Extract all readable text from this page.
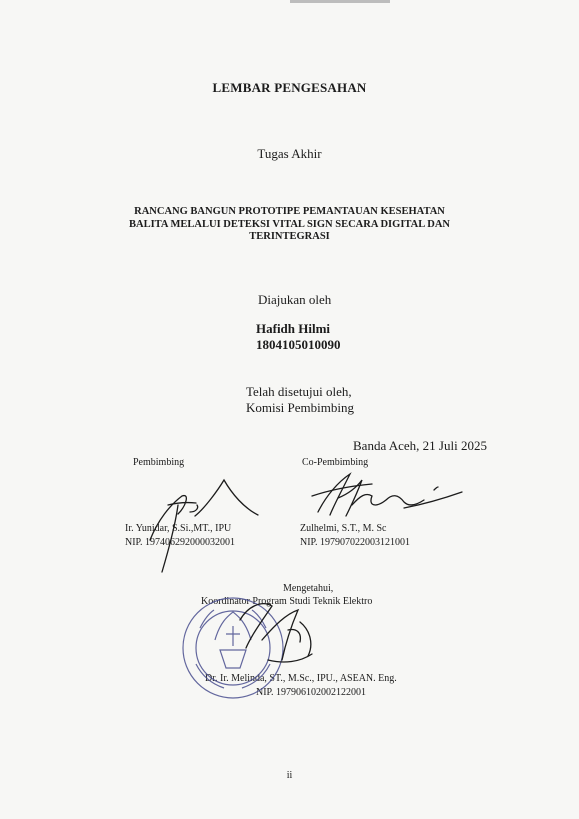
LEMBAR PENGESAHAN
Tugas Akhir
RANCANG BANGUN PROTOTIPE PEMANTAUAN KESEHATAN
BALITA MELALUI DETEKSI VITAL SIGN SECARA DIGITAL DAN
TERINTEGRASI
Diajukan oleh
Hafidh Hilmi
1804105010090
Telah disetujui oleh,
Komisi Pembimbing
Banda Aceh, 21 Juli 2025
Pembimbing	Co-Pembimbing
Ir. Yunidar, S.Si.,MT., IPU
NIP. 197406292000032001
Zulhelmi, S.T., M. Sc
NIP. 197907022003121001
Mengetahui,
Koordinator Program Studi Teknik Elektro
Dr. Ir. Melinda, ST., M.Sc., IPU., ASEAN. Eng.
NIP. 197906102002122001
ii
